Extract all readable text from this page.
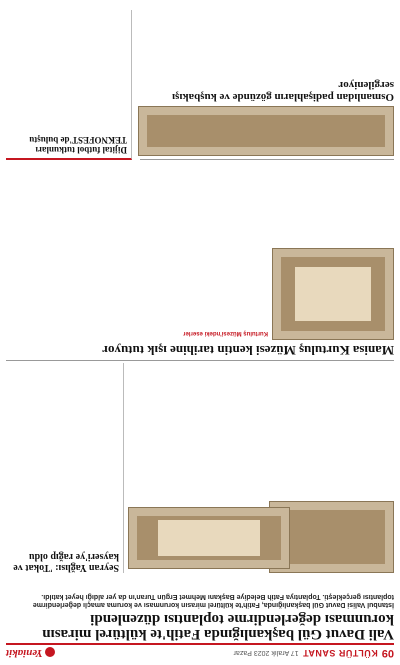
09
KÜLTÜR SANAT
17 Aralık 2023 Pazar
Yeniakit
Vali Davut Gül başkanlığında Fatih'te kültürel mirasın korunması değerlendirme toplantısı düzenlendi
İstanbul Valisi Davut Gül başkanlığında, Fatih'te kültürel mirasın korunması ve koruma amaçlı değerlendirme toplantısı gerçekleşti. Toplantıya Fatih Belediye Başkanı Mehmet Ergün Turan'ın da yer aldığı heyet katıldı.
Seyran Yağlısı: 'Tokat ve kayseri'ye rağıp oldu
Manisa Kurtuluş Müzesi kentin tarihine ışık tutuyor
Kurtuluş Müzesi'ndeki eserler
Osmanlıdan padişahların gözünde ve kuşbakışı sergileniyor
Dijital futbol tutkunları TEKNOFEST'de buluştu
